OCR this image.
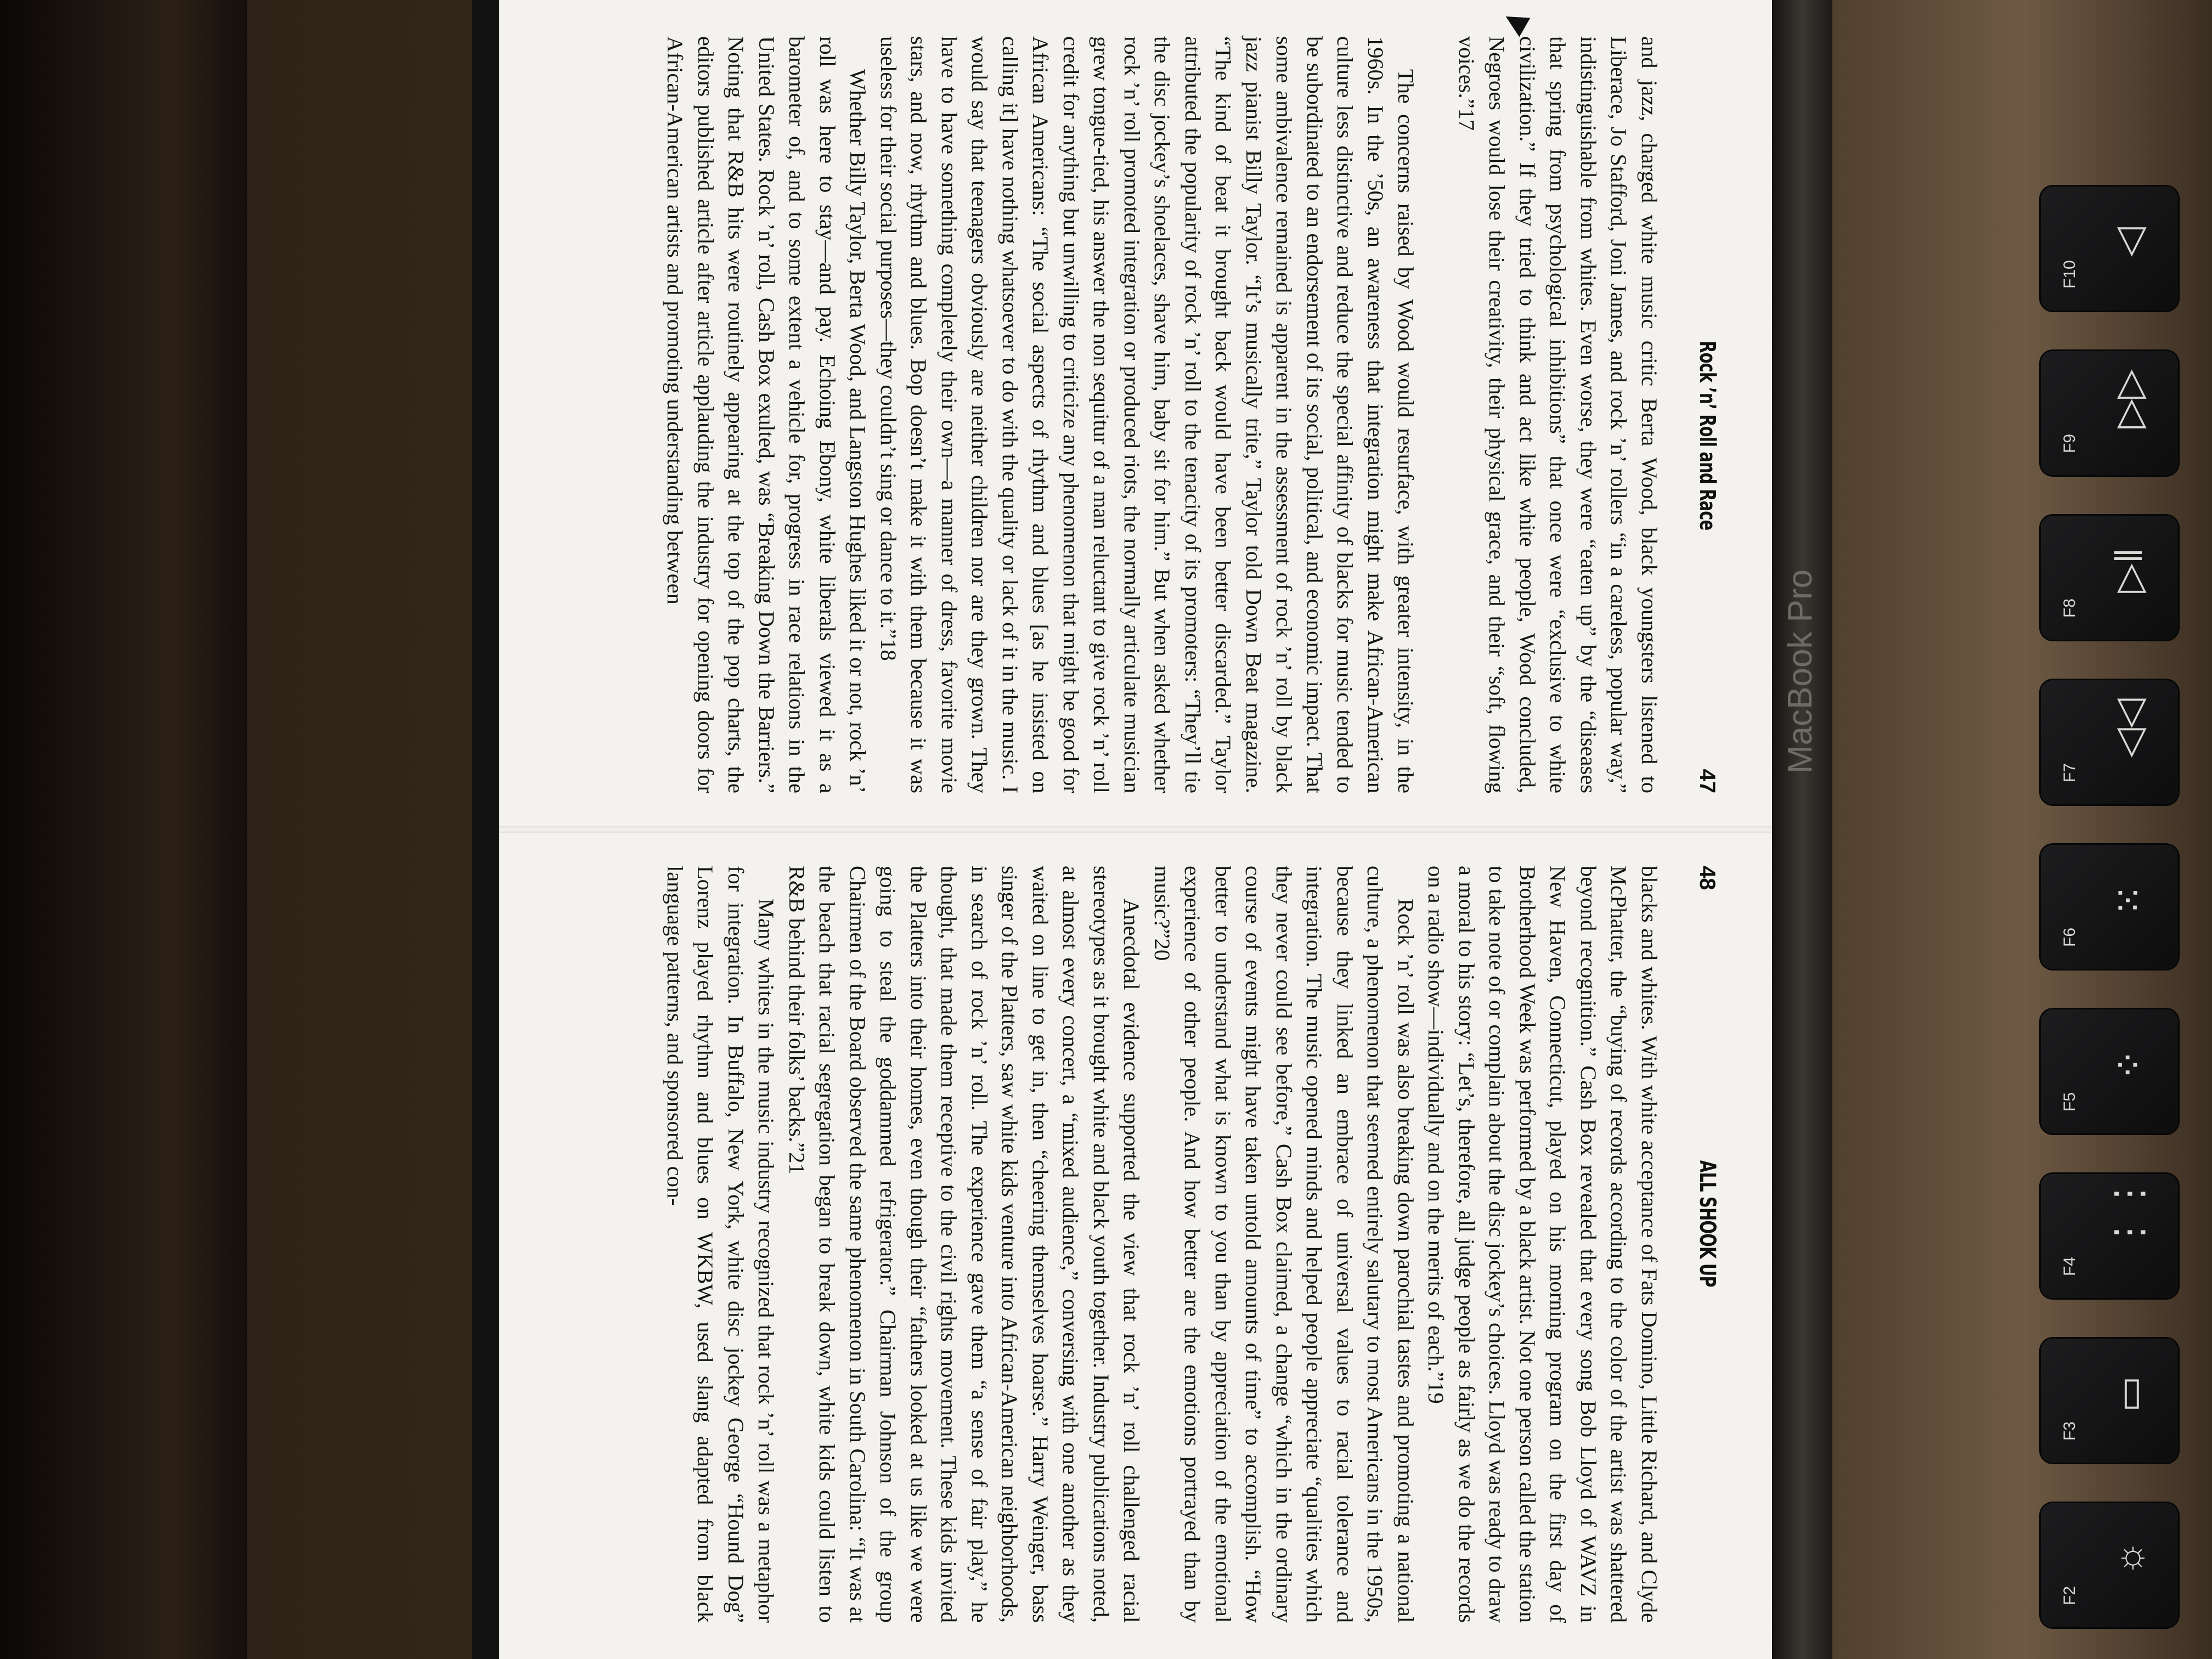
Rock ’n’ Roll and Race
47

and jazz, charged white music critic Berta Wood, black youngsters listened to Liberace, Jo Stafford, Joni James, and rock ’n’ rollers “in a careless, popular way,” indistinguishable from whites. Even worse, they were “eaten up” by the “diseases that spring from psychological inhibitions” that once were “exclusive to white civilization.” If they tried to think and act like white people, Wood concluded, Negroes would lose their creativity, their physical grace, and their “soft, flowing voices.”17

The concerns raised by Wood would resurface, with greater intensity, in the 1960s. In the ’50s, an awareness that integration might make African-American culture less distinctive and reduce the special affinity of blacks for music tended to be subordinated to an endorsement of its social, political, and economic impact. That some ambivalence remained is apparent in the assessment of rock ’n’ roll by black jazz pianist Billy Taylor. “It’s musically trite,” Taylor told Down Beat magazine. “The kind of beat it brought back would have been better discarded.” Taylor attributed the popularity of rock ’n’ roll to the tenacity of its promoters: “They’ll tie the disc jockey’s shoelaces, shave him, baby sit for him.” But when asked whether rock ’n’ roll promoted integration or produced riots, the normally articulate musician grew tongue-tied, his answer the non sequitur of a man reluctant to give rock ’n’ roll credit for anything but unwilling to criticize any phenomenon that might be good for African Americans: “The social aspects of rhythm and blues [as he insisted on calling it] have nothing whatsoever to do with the quality or lack of it in the music. I would say that teenagers obviously are neither children nor are they grown. They have to have something completely their own—a manner of dress, favorite movie stars, and now, rhythm and blues. Bop doesn’t make it with them because it was useless for their social purposes—they couldn’t sing or dance to it.”18

Whether Billy Taylor, Berta Wood, and Langston Hughes liked it or not, rock ’n’ roll was here to stay—and pay. Echoing Ebony, white liberals viewed it as a barometer of, and to some extent a vehicle for, progress in race relations in the United States. Rock ’n’ roll, Cash Box exulted, was “Breaking Down the Barriers.” Noting that R&B hits were routinely appearing at the top of the pop charts, the editors published article after article applauding the industry for opening doors for African-American artists and promoting understanding between

48
ALL SHOOK UP

blacks and whites. With white acceptance of Fats Domino, Little Richard, and Clyde McPhatter, the “buying of records according to the color of the artist was shattered beyond recognition.” Cash Box revealed that every song Bob Lloyd of WAVZ in New Haven, Connecticut, played on his morning program on the first day of Brotherhood Week was performed by a black artist. Not one person called the station to take note of or complain about the disc jockey’s choices. Lloyd was ready to draw a moral to his story: “Let’s, therefore, all judge people as fairly as we do the records on a radio show—individually and on the merits of each.”19

Rock ’n’ roll was also breaking down parochial tastes and promoting a national culture, a phenomenon that seemed entirely salutary to most Americans in the 1950s, because they linked an embrace of universal values to racial tolerance and integration. The music opened minds and helped people appreciate “qualities which they never could see before,” Cash Box claimed, a change “which in the ordinary course of events might have taken untold amounts of time” to accomplish. “How better to understand what is known to you than by appreciation of the emotional experience of other people. And how better are the emotions portrayed than by music?”20

Anecdotal evidence supported the view that rock ’n’ roll challenged racial stereotypes as it brought white and black youth together. Industry publications noted, at almost every concert, a “mixed audience,” conversing with one another as they waited on line to get in, then “cheering themselves hoarse.” Harry Weinger, bass singer of the Platters, saw white kids venture into African-American neighborhoods, in search of rock ’n’ roll. The experience gave them “a sense of fair play,” he thought, that made them receptive to the civil rights movement. These kids invited the Platters into their homes, even though their “fathers looked at us like we were going to steal the goddammed refrigerator.” Chairman Johnson of the group Chairmen of the Board observed the same phenomenon in South Carolina: “It was at the beach that racial segregation began to break down, white kids could listen to R&B behind their folks’ backs.”21

Many whites in the music industry recognized that rock ’n’ roll was a metaphor for integration. In Buffalo, New York, white disc jockey George “Hound Dog” Lorenz played rhythm and blues on WKBW, used slang adapted from black language patterns, and sponsored con-

MacBook Pro
☼
F2
▭
F3
⋮⋮
F4
⁘
F5
⁙
F6
◁◁
F7
▷‖
F8
▷▷
F9
◁
F10
